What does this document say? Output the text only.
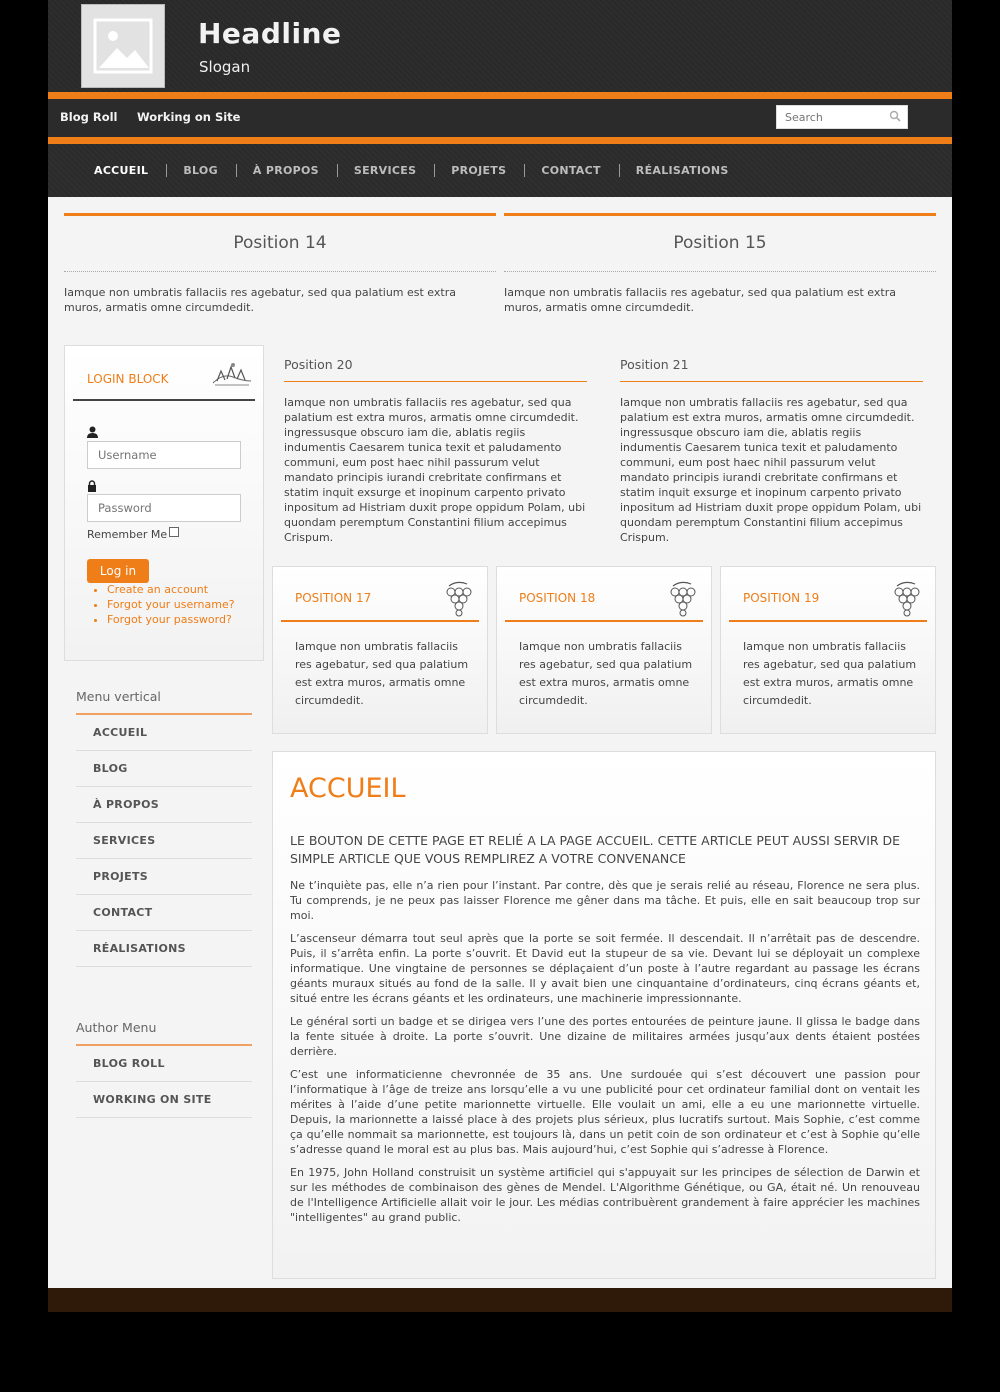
Headline
Slogan
Blog Roll Working on Site
Search
ACCUEIL	BLOG	À PROPOS	SERVICES	PROJETS	CONTACT	RÉALISATIONS
Position 14

Iamque non umbratis fallaciis res agebatur, sed qua palatium est extra muros, armatis omne circumdedit.

Position 15

Iamque non umbratis fallaciis res agebatur, sed qua palatium est extra muros, armatis omne circumdedit.

LOGIN BLOCK
Username
Remember Me
Log in
• Create an account
• Forgot your username?
• Forgot your password?
Menu vertical
ACCUEIL
BLOG
À PROPOS
SERVICES
PROJETS
CONTACT
RÉALISATIONS
Author Menu
BLOG ROLL
WORKING ON SITE
Position 20

Iamque non umbratis fallaciis res agebatur, sed qua palatium est extra muros, armatis omne circumdedit. ingressusque obscuro iam die, ablatis regiis indumentis Caesarem tunica texit et paludamento communi, eum post haec nihil passurum velut mandato principis iurandi crebritate confirmans et statim inquit exsurge et inopinum carpento privato inpositum ad Histriam duxit prope oppidum Polam, ubi quondam peremptum Constantini filium accepimus Crispum.

Position 21

Iamque non umbratis fallaciis res agebatur, sed qua palatium est extra muros, armatis omne circumdedit. ingressusque obscuro iam die, ablatis regiis indumentis Caesarem tunica texit et paludamento communi, eum post haec nihil passurum velut mandato principis iurandi crebritate confirmans et statim inquit exsurge et inopinum carpento privato inpositum ad Histriam duxit prope oppidum Polam, ubi quondam peremptum Constantini filium accepimus Crispum.

POSITION 17

Iamque non umbratis fallaciis res agebatur, sed qua palatium est extra muros, armatis omne circumdedit.

POSITION 18

Iamque non umbratis fallaciis res agebatur, sed qua palatium est extra muros, armatis omne circumdedit.

POSITION 19

Iamque non umbratis fallaciis res agebatur, sed qua palatium est extra muros, armatis omne circumdedit.

ACCUEIL
LE BOUTON DE CETTE PAGE ET RELIÉ A LA PAGE ACCUEIL. CETTE ARTICLE PEUT AUSSI SERVIR DE SIMPLE ARTICLE QUE VOUS REMPLIREZ A VOTRE CONVENANCE

Ne t’inquiète pas, elle n’a rien pour l’instant. Par contre, dès que je serais relié au réseau, Florence ne sera plus. Tu comprends, je ne peux pas laisser Florence me gêner dans ma tâche. Et puis, elle en sait beaucoup trop sur moi.

L’ascenseur démarra tout seul après que la porte se soit fermée. Il descendait. Il n’arrêtait pas de descendre. Puis, il s’arrêta enfin. La porte s’ouvrit. Et David eut la stupeur de sa vie. Devant lui se déployait un complexe informatique. Une vingtaine de personnes se déplaçaient d’un poste à l’autre regardant au passage les écrans géants muraux situés au fond de la salle. Il y avait bien une cinquantaine d’ordinateurs, cinq écrans géants et, situé entre les écrans géants et les ordinateurs, une machinerie impressionnante.

Le général sorti un badge et se dirigea vers l’une des portes entourées de peinture jaune. Il glissa le badge dans la fente située à droite. La porte s’ouvrit. Une dizaine de militaires armées jusqu’aux dents étaient postées derrière.

C’est une informaticienne chevronnée de 35 ans. Une surdouée qui s’est découvert une passion pour l’informatique à l’âge de treize ans lorsqu’elle a vu une publicité pour cet ordinateur familial dont on ventait les mérites à l’aide d’une petite marionnette virtuelle. Elle voulait un ami, elle a eu une marionnette virtuelle. Depuis, la marionnette a laissé place à des projets plus sérieux, plus lucratifs surtout. Mais Sophie, c’est comme ça qu’elle nommait sa marionnette, est toujours là, dans un petit coin de son ordinateur et c’est à Sophie qu’elle s’adresse quand le moral est au plus bas. Mais aujourd’hui, c’est Sophie qui s’adresse à Florence.

En 1975, John Holland construisit un système artificiel qui s'appuyait sur les principes de sélection de Darwin et sur les méthodes de combinaison des gènes de Mendel. L'Algorithme Génétique, ou GA, était né. Un renouveau de l'Intelligence Artificielle allait voir le jour. Les médias contribuèrent grandement à faire apprécier les machines "intelligentes" au grand public.
